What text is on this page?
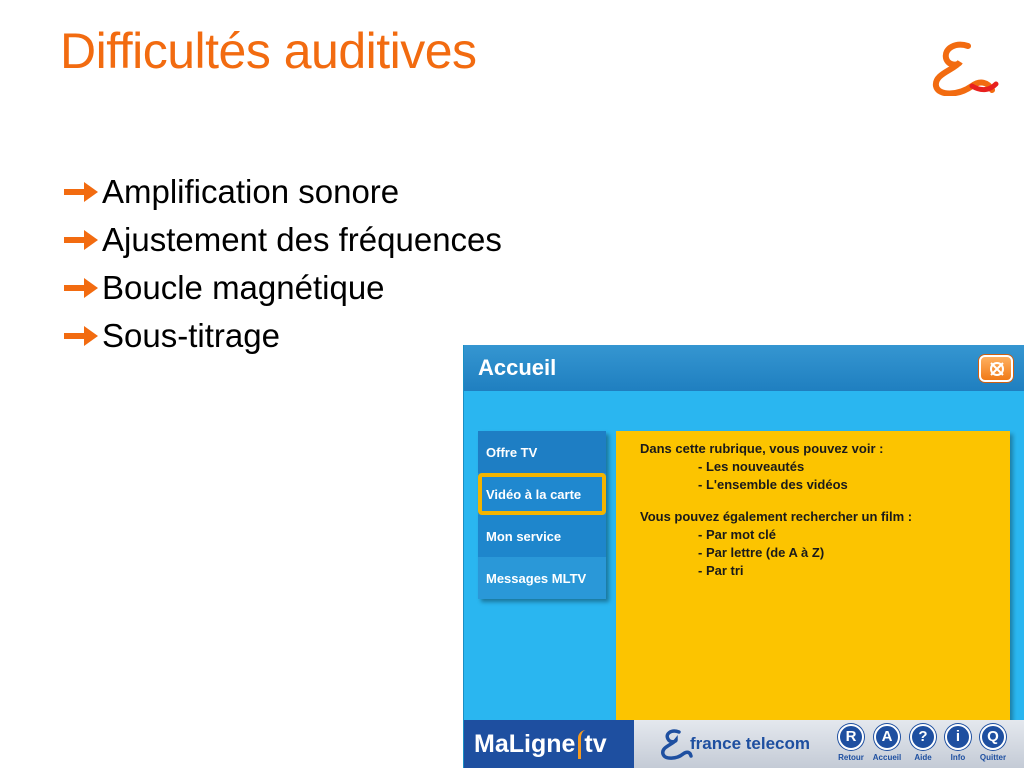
Difficultés auditives
Amplification sonore
Ajustement des fréquences
Boucle magnétique
Sous-titrage
Accueil
Offre TV
Vidéo à la carte
Mon service
Messages MLTV
Dans cette rubrique, vous pouvez voir :
- Les nouveautés
- L'ensemble des vidéos
Vous pouvez également rechercher un film :
- Par mot clé
- Par lettre (de A à Z)
- Par tri
MaLigne tv	france telecom	R
Retour
A
Accueil
?
Aide
i
Info
Q
Quitter
